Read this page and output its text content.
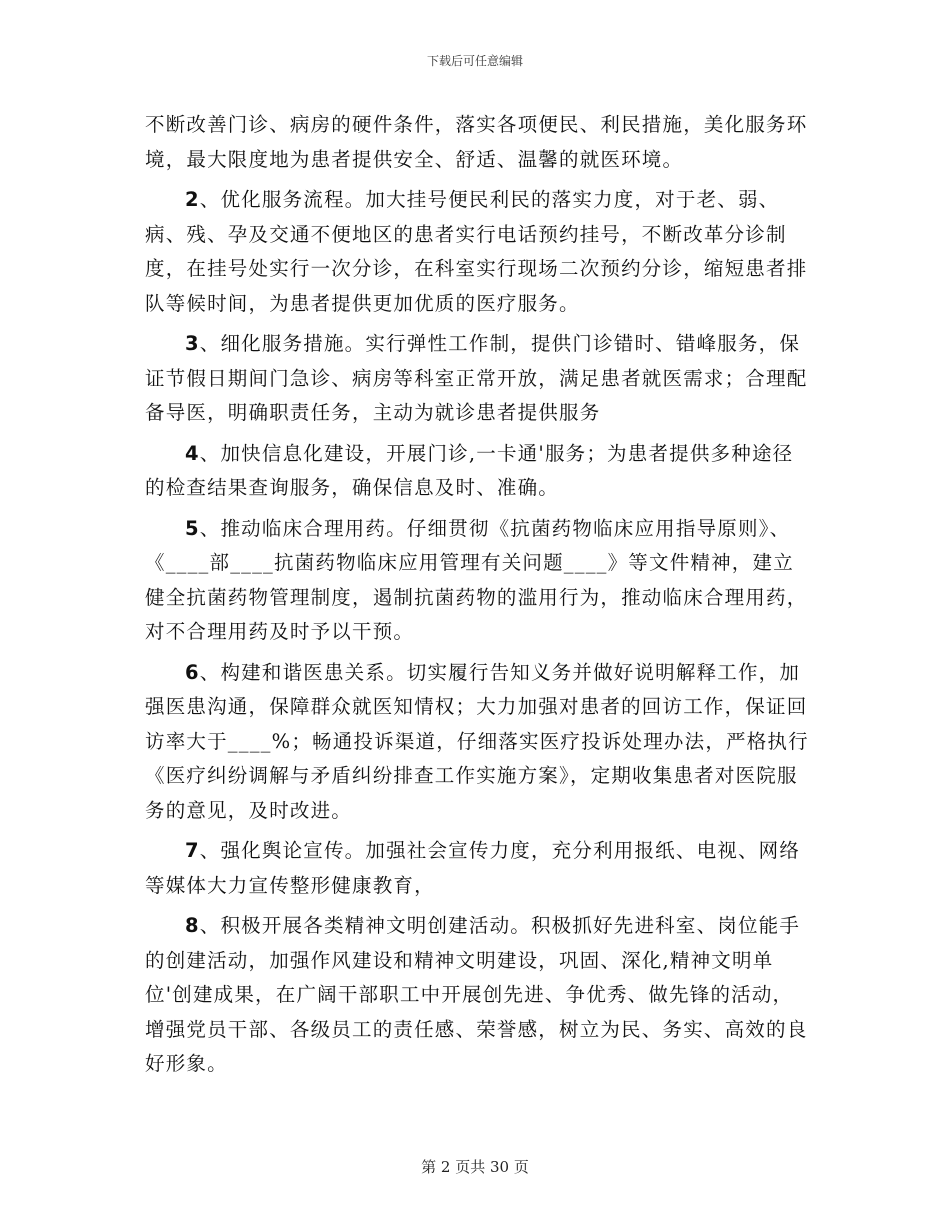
下载后可任意编辑

不断改善门诊、病房的硬件条件，落实各项便民、利民措施，美化服务环境，最大限度地为患者提供安全、舒适、温馨的就医环境。

2、优化服务流程。加大挂号便民利民的落实力度，对于老、弱、病、残、孕及交通不便地区的患者实行电话预约挂号，不断改革分诊制度，在挂号处实行一次分诊，在科室实行现场二次预约分诊，缩短患者排队等候时间，为患者提供更加优质的医疗服务。

3、细化服务措施。实行弹性工作制，提供门诊错时、错峰服务，保证节假日期间门急诊、病房等科室正常开放，满足患者就医需求；合理配备导医，明确职责任务，主动为就诊患者提供服务

4、加快信息化建设，开展门诊,一卡通'服务；为患者提供多种途径的检查结果查询服务，确保信息及时、准确。

5、推动临床合理用药。仔细贯彻《抗菌药物临床应用指导原则》、《____部____抗菌药物临床应用管理有关问题____》等文件精神，建立健全抗菌药物管理制度，遏制抗菌药物的滥用行为，推动临床合理用药，对不合理用药及时予以干预。

6、构建和谐医患关系。切实履行告知义务并做好说明解释工作，加强医患沟通，保障群众就医知情权；大力加强对患者的回访工作，保证回访率大于____%；畅通投诉渠道，仔细落实医疗投诉处理办法，严格执行《医疗纠纷调解与矛盾纠纷排查工作实施方案》，定期收集患者对医院服务的意见，及时改进。

7、强化舆论宣传。加强社会宣传力度，充分利用报纸、电视、网络等媒体大力宣传整形健康教育，

8、积极开展各类精神文明创建活动。积极抓好先进科室、岗位能手的创建活动，加强作风建设和精神文明建设，巩固、深化,精神文明单位'创建成果，在广阔干部职工中开展创先进、争优秀、做先锋的活动，增强党员干部、各级员工的责任感、荣誉感，树立为民、务实、高效的良好形象。

第 2 页共 30 页
